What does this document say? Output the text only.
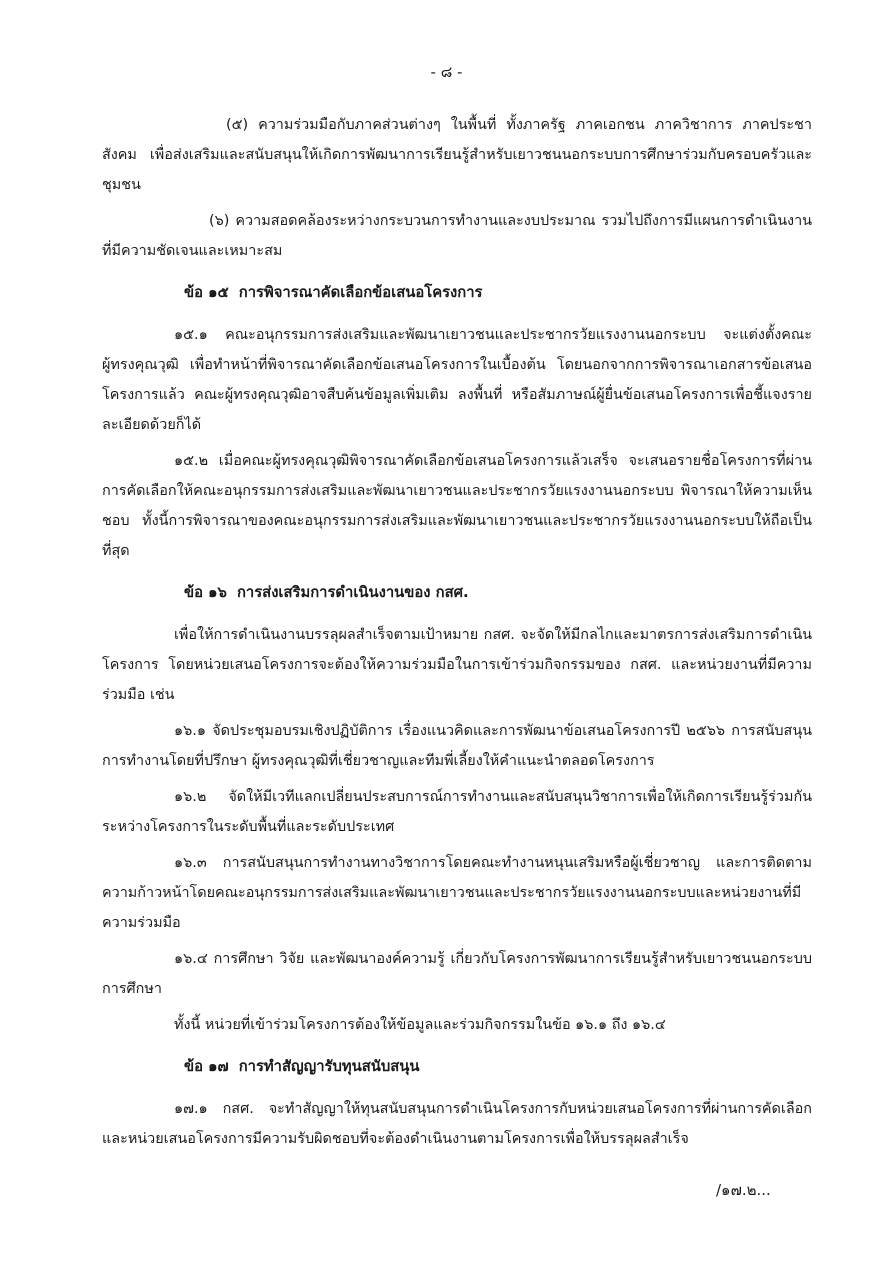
- ๘ -

(๕) ความร่วมมือกับภาคส่วนต่างๆ ในพื้นที่ ทั้งภาครัฐ ภาคเอกชน ภาควิชาการ ภาคประชาสังคม เพื่อส่งเสริมและสนับสนุนให้เกิดการพัฒนาการเรียนรู้สำหรับเยาวชนนอกระบบการศึกษาร่วมกับครอบครัวและชุมชน

(๖) ความสอดคล้องระหว่างกระบวนการทำงานและงบประมาณ รวมไปถึงการมีแผนการดำเนินงานที่มีความชัดเจนและเหมาะสม

ข้อ ๑๕ การพิจารณาคัดเลือกข้อเสนอโครงการ

๑๕.๑ คณะอนุกรรมการส่งเสริมและพัฒนาเยาวชนและประชากรวัยแรงงานนอกระบบ จะแต่งตั้งคณะผู้ทรงคุณวุฒิ เพื่อทำหน้าที่พิจารณาคัดเลือกข้อเสนอโครงการในเบื้องต้น โดยนอกจากการพิจารณาเอกสารข้อเสนอโครงการแล้ว คณะผู้ทรงคุณวุฒิอาจสืบค้นข้อมูลเพิ่มเติม ลงพื้นที่ หรือสัมภาษณ์ผู้ยื่นข้อเสนอโครงการเพื่อชี้แจงรายละเอียดด้วยก็ได้

๑๕.๒ เมื่อคณะผู้ทรงคุณวุฒิพิจารณาคัดเลือกข้อเสนอโครงการแล้วเสร็จ จะเสนอรายชื่อโครงการที่ผ่านการคัดเลือกให้คณะอนุกรรมการส่งเสริมและพัฒนาเยาวชนและประชากรวัยแรงงานนอกระบบ พิจารณาให้ความเห็นชอบ ทั้งนี้การพิจารณาของคณะอนุกรรมการส่งเสริมและพัฒนาเยาวชนและประชากรวัยแรงงานนอกระบบให้ถือเป็นที่สุด

ข้อ ๑๖ การส่งเสริมการดำเนินงานของ กสศ.

เพื่อให้การดำเนินงานบรรลุผลสำเร็จตามเป้าหมาย กสศ. จะจัดให้มีกลไกและมาตรการส่งเสริมการดำเนินโครงการ โดยหน่วยเสนอโครงการจะต้องให้ความร่วมมือในการเข้าร่วมกิจกรรมของ กสศ. และหน่วยงานที่มีความร่วมมือ เช่น

๑๖.๑ จัดประชุมอบรมเชิงปฏิบัติการ เรื่องแนวคิดและการพัฒนาข้อเสนอโครงการปี ๒๕๖๖ การสนับสนุนการทำงานโดยที่ปรึกษา ผู้ทรงคุณวุฒิที่เชี่ยวชาญและทีมพี่เลี้ยงให้คำแนะนำตลอดโครงการ

๑๖.๒ จัดให้มีเวทีแลกเปลี่ยนประสบการณ์การทำงานและสนับสนุนวิชาการเพื่อให้เกิดการเรียนรู้ร่วมกันระหว่างโครงการในระดับพื้นที่และระดับประเทศ

๑๖.๓ การสนับสนุนการทำงานทางวิชาการโดยคณะทำงานหนุนเสริมหรือผู้เชี่ยวชาญ และการติดตามความก้าวหน้าโดยคณะอนุกรรมการส่งเสริมและพัฒนาเยาวชนและประชากรวัยแรงงานนอกระบบและหน่วยงานที่มีความร่วมมือ

๑๖.๔ การศึกษา วิจัย และพัฒนาองค์ความรู้ เกี่ยวกับโครงการพัฒนาการเรียนรู้สำหรับเยาวชนนอกระบบการศึกษา

ทั้งนี้ หน่วยที่เข้าร่วมโครงการต้องให้ข้อมูลและร่วมกิจกรรมในข้อ ๑๖.๑ ถึง ๑๖.๔

ข้อ ๑๗ การทำสัญญารับทุนสนับสนุน

๑๗.๑ กสศ. จะทำสัญญาให้ทุนสนับสนุนการดำเนินโครงการกับหน่วยเสนอโครงการที่ผ่านการคัดเลือก และหน่วยเสนอโครงการมีความรับผิดชอบที่จะต้องดำเนินงานตามโครงการเพื่อให้บรรลุผลสำเร็จ

/๑๗.๒...
